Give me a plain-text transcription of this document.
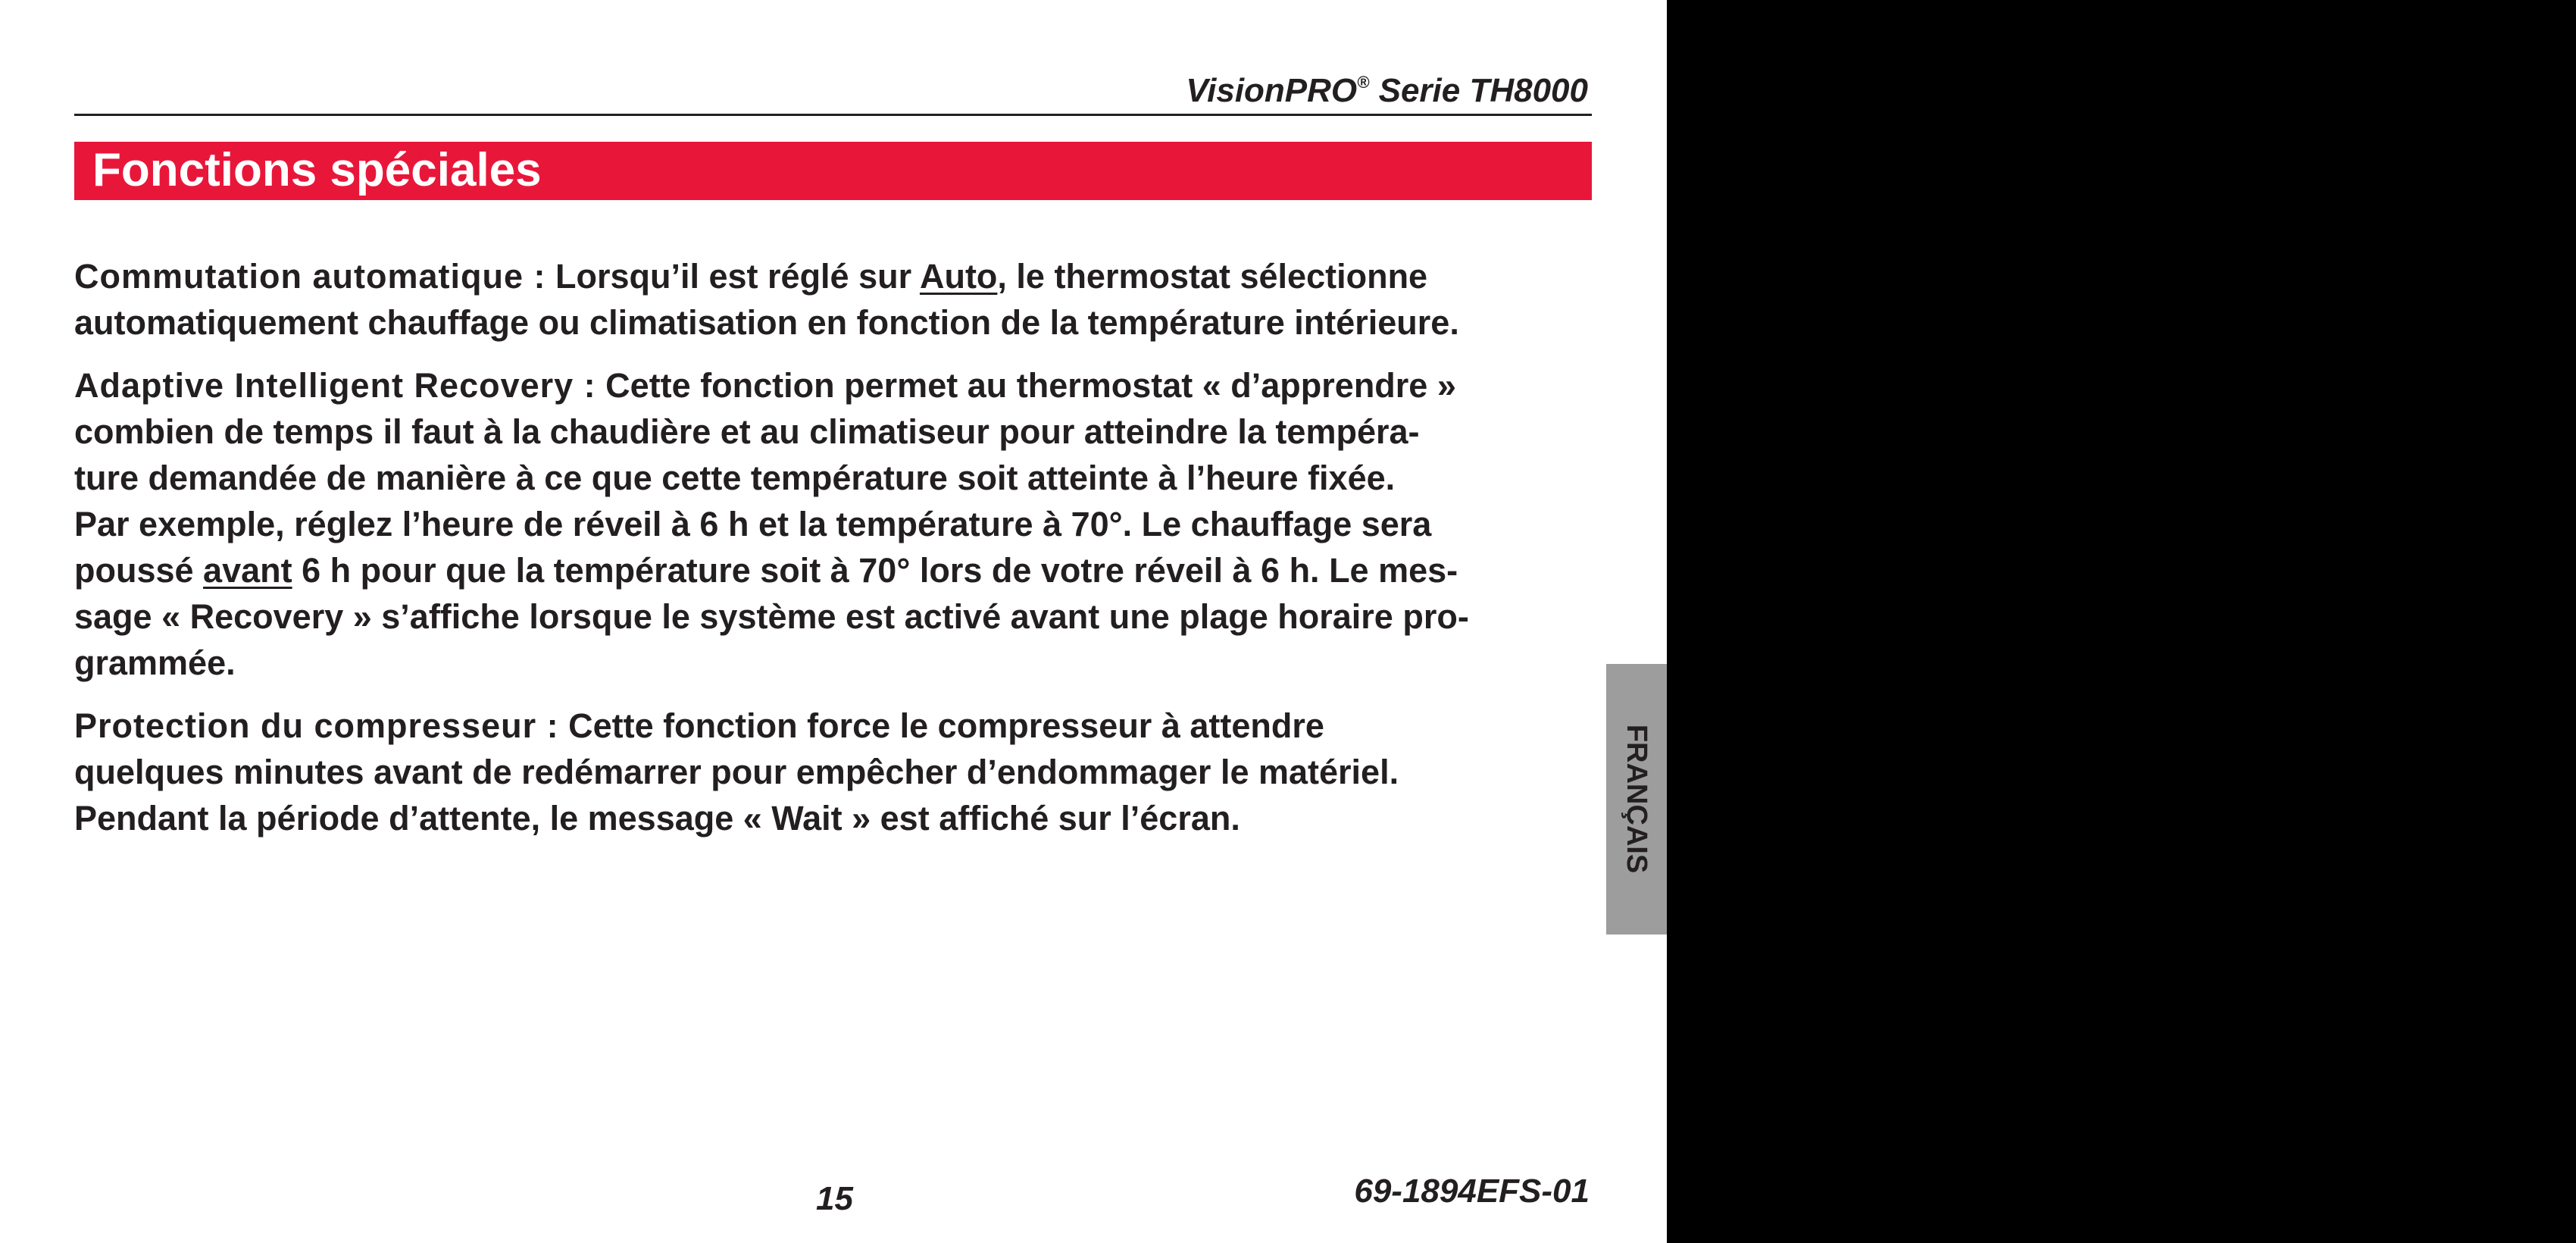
VisionPRO® Serie TH8000
Fonctions spéciales

Commutation automatique : Lorsqu’il est réglé sur Auto, le thermostat sélectionne
automatiquement chauffage ou climatisation en fonction de la température intérieure.

Adaptive Intelligent Recovery : Cette fonction permet au thermostat « d’apprendre »
combien de temps il faut à la chaudière et au climatiseur pour atteindre la tempéra-
ture demandée de manière à ce que cette température soit atteinte à l’heure fixée.
Par exemple, réglez l’heure de réveil à 6 h et la température à 70°. Le chauffage sera
poussé avant 6 h pour que la température soit à 70° lors de votre réveil à 6 h. Le mes-
sage « Recovery » s’affiche lorsque le système est activé avant une plage horaire pro-
grammée.

Protection du compresseur : Cette fonction force le compresseur à attendre
quelques minutes avant de redémarrer pour empêcher d’endommager le matériel.
Pendant la période d’attente, le message « Wait » est affiché sur l’écran.	FRANÇAIS
15	69-1894EFS-01
